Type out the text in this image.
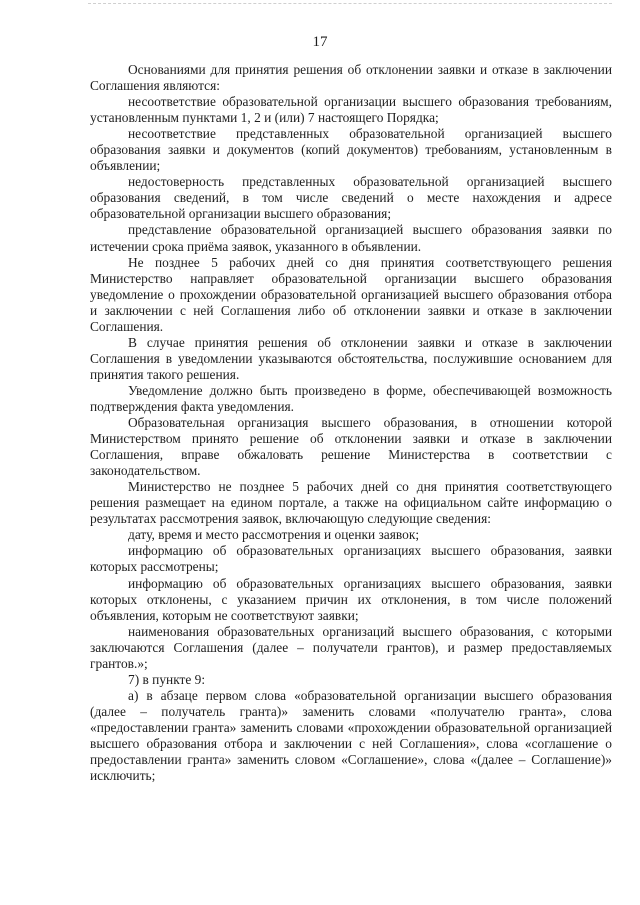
17

Основаниями для принятия решения об отклонении заявки и отказе в заключении Соглашения являются:

несоответствие образовательной организации высшего образования требованиям, установленным пунктами 1, 2 и (или) 7 настоящего Порядка;

несоответствие представленных образовательной организацией высшего образования заявки и документов (копий документов) требованиям, установленным в объявлении;

недостоверность представленных образовательной организацией высшего образования сведений, в том числе сведений о месте нахождения и адресе образовательной организации высшего образования;

представление образовательной организацией высшего образования заявки по истечении срока приёма заявок, указанного в объявлении.

Не позднее 5 рабочих дней со дня принятия соответствующего решения Министерство направляет образовательной организации высшего образования уведомление о прохождении образовательной организацией высшего образования отбора и заключении с ней Соглашения либо об отклонении заявки и отказе в заключении Соглашения.

В случае принятия решения об отклонении заявки и отказе в заключении Соглашения в уведомлении указываются обстоятельства, послужившие основанием для принятия такого решения.

Уведомление должно быть произведено в форме, обеспечивающей возможность подтверждения факта уведомления.

Образовательная организация высшего образования, в отношении которой Министерством принято решение об отклонении заявки и отказе в заключении Соглашения, вправе обжаловать решение Министерства в соответствии с законодательством.

Министерство не позднее 5 рабочих дней со дня принятия соответствующего решения размещает на едином портале, а также на официальном сайте информацию о результатах рассмотрения заявок, включающую следующие сведения:

дату, время и место рассмотрения и оценки заявок;

информацию об образовательных организациях высшего образования, заявки которых рассмотрены;

информацию об образовательных организациях высшего образования, заявки которых отклонены, с указанием причин их отклонения, в том числе положений объявления, которым не соответствуют заявки;

наименования образовательных организаций высшего образования, с которыми заключаются Соглашения (далее – получатели грантов), и размер предоставляемых грантов.»;

7) в пункте 9:

а) в абзаце первом слова «образовательной организации высшего образования (далее – получатель гранта)» заменить словами «получателю гранта», слова «предоставлении гранта» заменить словами «прохождении образовательной организацией высшего образования отбора и заключении с ней Соглашения», слова «соглашение о предоставлении гранта» заменить словом «Соглашение», слова «(далее – Соглашение)» исключить;
